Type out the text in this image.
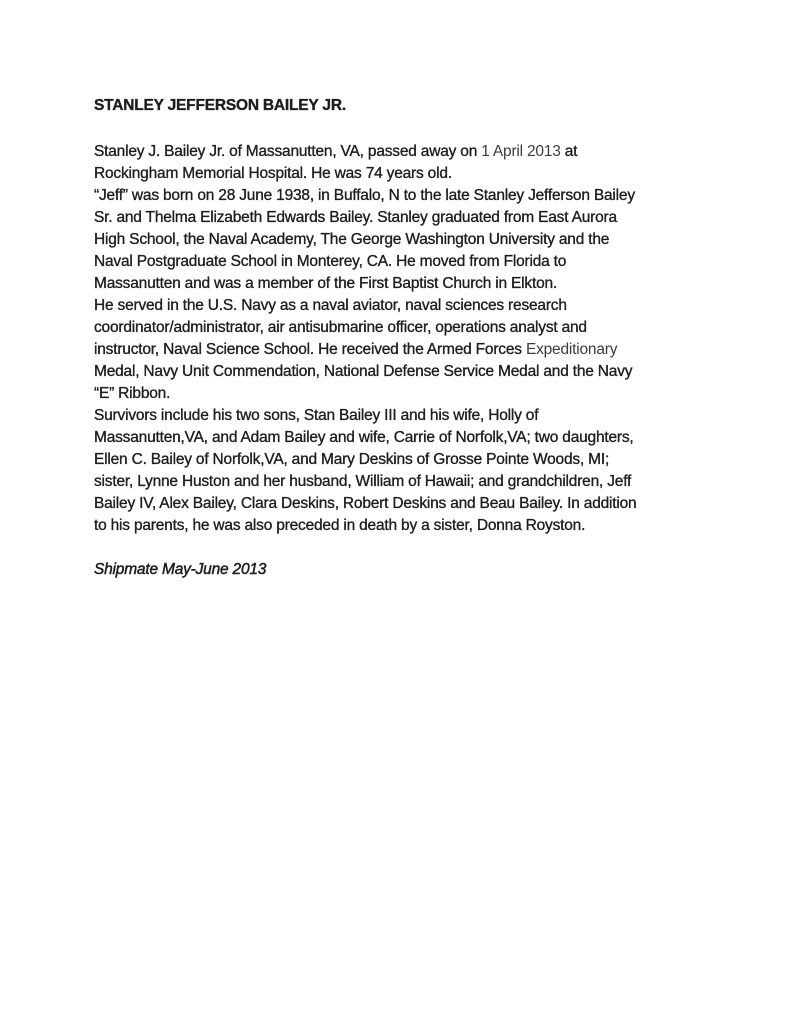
STANLEY JEFFERSON BAILEY JR.
Stanley J. Bailey Jr. of Massanutten, VA, passed away on 1 April 2013 at
Rockingham Memorial Hospital. He was 74 years old.
“Jeff” was born on 28 June 1938, in Buffalo, N to the late Stanley Jefferson Bailey
Sr. and Thelma Elizabeth Edwards Bailey. Stanley graduated from East Aurora
High School, the Naval Academy, The George Washington University and the
Naval Postgraduate School in Monterey, CA. He moved from Florida to
Massanutten and was a member of the First Baptist Church in Elkton.
He served in the U.S. Navy as a naval aviator, naval sciences research
coordinator/administrator, air antisubmarine officer, operations analyst and
instructor, Naval Science School. He received the Armed Forces Expeditionary
Medal, Navy Unit Commendation, National Defense Service Medal and the Navy
“E” Ribbon.
Survivors include his two sons, Stan Bailey III and his wife, Holly of
Massanutten,VA, and Adam Bailey and wife, Carrie of Norfolk,VA; two daughters,
Ellen C. Bailey of Norfolk,VA, and Mary Deskins of Grosse Pointe Woods, MI;
sister, Lynne Huston and her husband, William of Hawaii; and grandchildren, Jeff
Bailey IV, Alex Bailey, Clara Deskins, Robert Deskins and Beau Bailey. In addition
to his parents, he was also preceded in death by a sister, Donna Royston.
Shipmate May-June 2013
